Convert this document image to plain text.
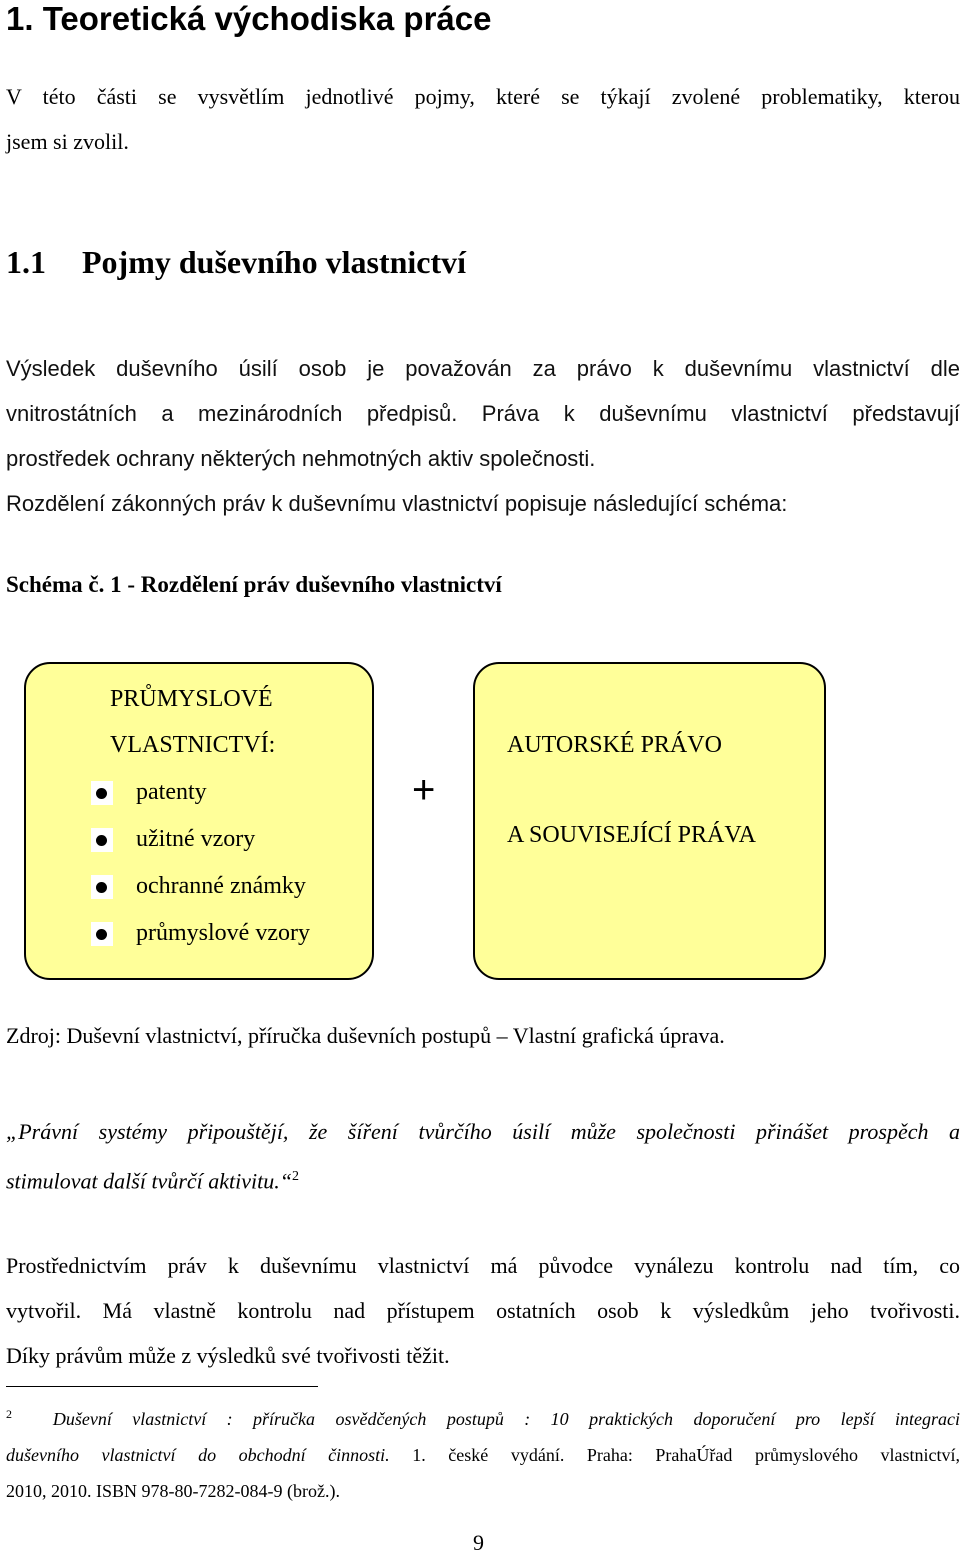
1. Teoretická východiska práce
V této části se vysvětlím jednotlivé pojmy, které se týkají zvolené problematiky, kterou
jsem si zvolil.
1.1 Pojmy duševního vlastnictví
Výsledek duševního úsilí osob je považován za právo k duševnímu vlastnictví dle
vnitrostátních a mezinárodních předpisů. Práva k duševnímu vlastnictví představují
prostředek ochrany některých nehmotných aktiv společnosti.
Rozdělení zákonných práv k duševnímu vlastnictví popisuje následující schéma:
Schéma č. 1 - Rozdělení práv duševního vlastnictví
PRŮMYSLOVÉ
VLASTNICTVÍ:
patenty
užitné vzory
ochranné známky
průmyslové vzory
+
AUTORSKÉ PRÁVO
A SOUVISEJÍCÍ PRÁVA
Zdroj: Duševní vlastnictví, příručka duševních postupů – Vlastní grafická úprava.
„Právní systémy připouštějí, že šíření tvůrčího úsilí může společnosti přinášet prospěch a
stimulovat další tvůrčí aktivitu.“$^2$
Prostřednictvím práv k duševnímu vlastnictví má původce vynálezu kontrolu nad tím, co
vytvořil. Má vlastně kontrolu nad přístupem ostatních osob k výsledkům jeho tvořivosti.
Díky právům může z výsledků své tvořivosti těžit.
$^2$ Duševní vlastnictví : příručka osvědčených postupů : 10 praktických doporučení pro lepší integraci
duševního vlastnictví do obchodní činnosti. 1. české vydání. Praha: PrahaÚřad průmyslového vlastnictví,
2010, 2010. ISBN 978-80-7282-084-9 (brož.).
9
